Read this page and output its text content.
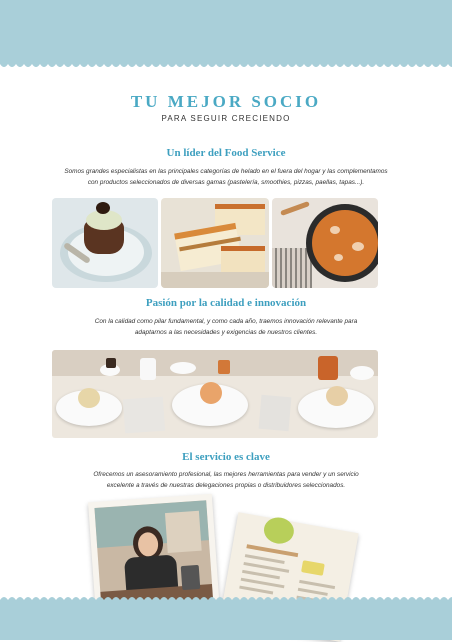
TU MEJOR SOCIO
PARA SEGUIR CRECIENDO
Un líder del Food Service
Somos grandes especialistas en las principales categorías de helado en el fuera del hogar y las complementamos
con productos seleccionados de diversas gamas (pastelería, smoothies, pizzas, paellas, tapas...).
Pasión por la calidad e innovación
Con la calidad como pilar fundamental, y como cada año, traemos innovación relevante para
adaptarnos a las necesidades y exigencias de nuestros clientes.
El servicio es clave
Ofrecemos un asesoramiento profesional, las mejores herramientas para vender y un servicio
excelente a través de nuestras delegaciones propias o distribuidores seleccionados.
